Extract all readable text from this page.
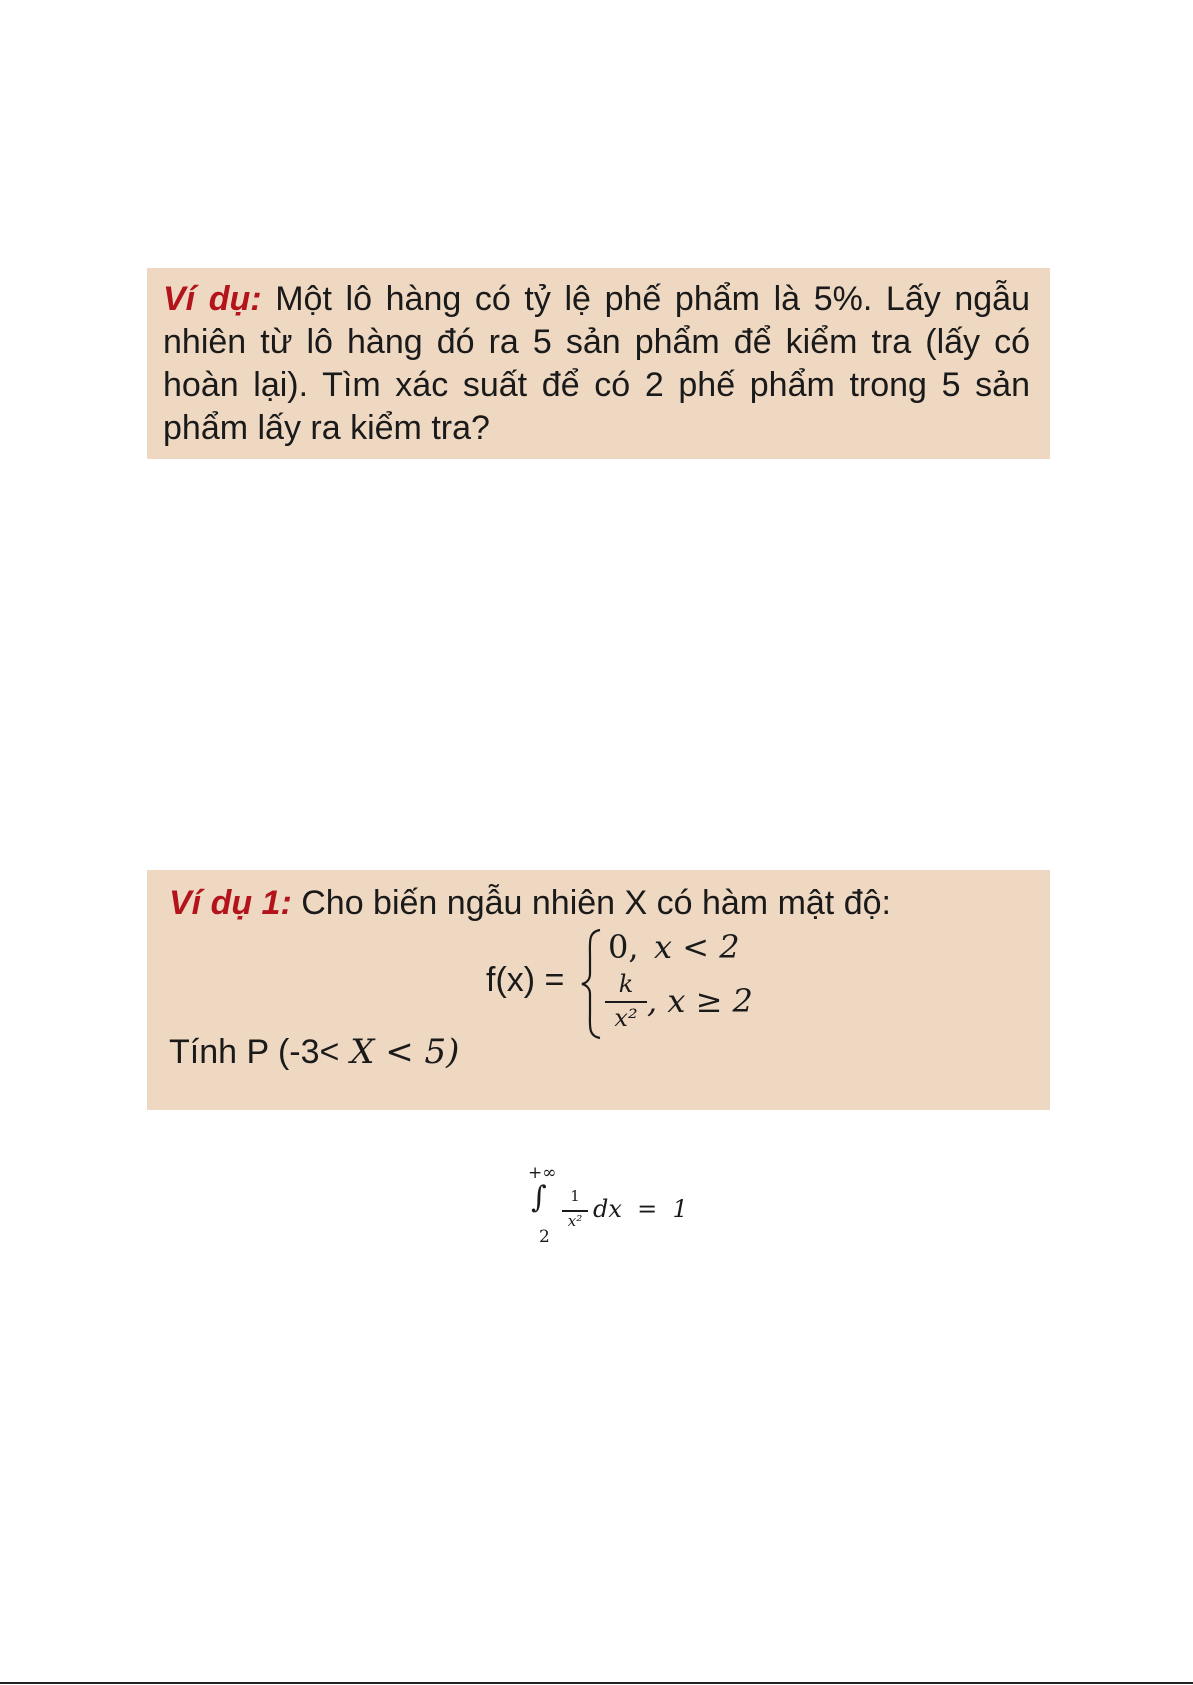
Ví dụ: Một lô hàng có tỷ lệ phế phẩm là 5%. Lấy ngẫu nhiên từ lô hàng đó ra 5 sản phẩm để kiểm tra (lấy có hoàn lại). Tìm xác suất để có 2 phế phẩm trong 5 sản phẩm lấy ra kiểm tra?

Ví dụ 1: Cho biến ngẫu nhiên X có hàm mật độ:
f(x) =
0, x < 2
k
x² , x ≥ 2
Tính P (-3< X < 5)
+∞
∫
2
1
x² dx  =  1
